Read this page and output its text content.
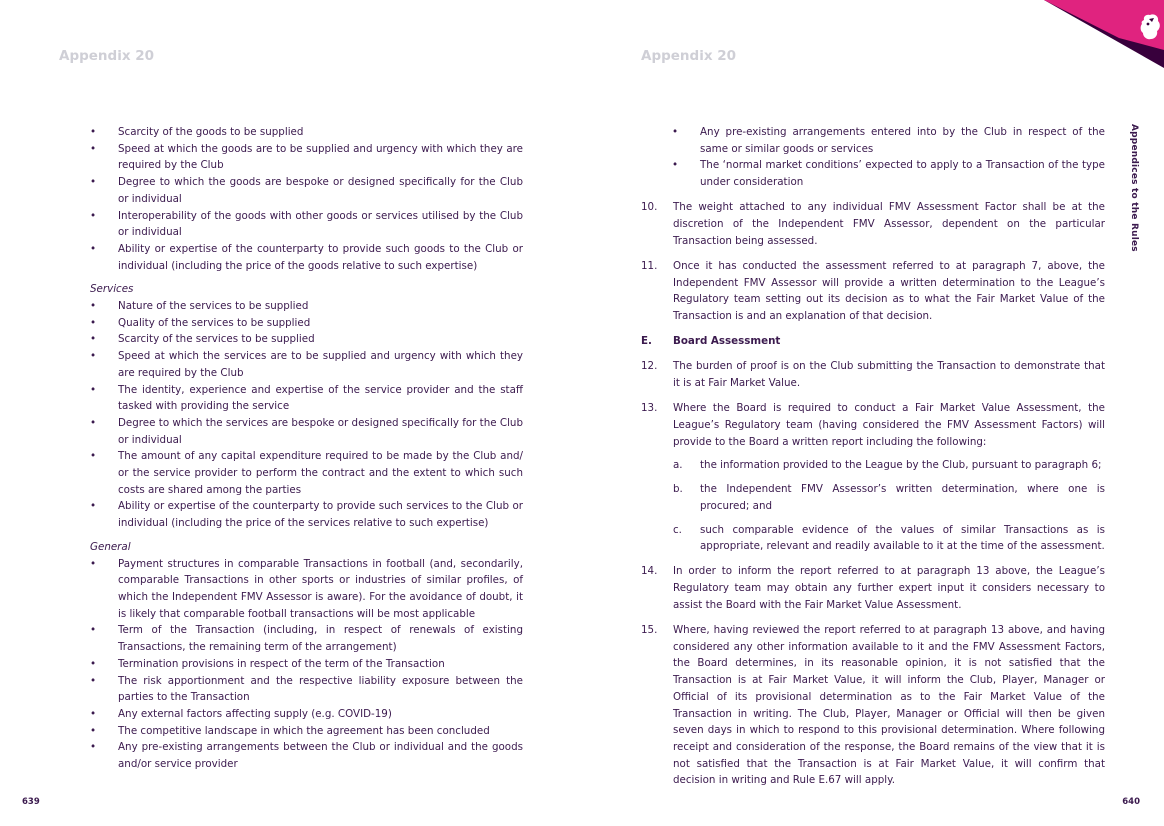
Appendix 20
• Scarcity of the goods to be supplied
• Speed at which the goods are to be supplied and urgency with which they are required by the Club
• Degree to which the goods are bespoke or designed specifically for the Club or individual
• Interoperability of the goods with other goods or services utilised by the Club or individual
• Ability or expertise of the counterparty to provide such goods to the Club or individual (including the price of the goods relative to such expertise)
Services
• Nature of the services to be supplied
• Quality of the services to be supplied
• Scarcity of the services to be supplied
• Speed at which the services are to be supplied and urgency with which they are required by the Club
• The identity, experience and expertise of the service provider and the staff tasked with providing the service
• Degree to which the services are bespoke or designed specifically for the Club or individual
• The amount of any capital expenditure required to be made by the Club and/ or the service provider to perform the contract and the extent to which such costs are shared among the parties
• Ability or expertise of the counterparty to provide such services to the Club or individual (including the price of the services relative to such expertise)
General
• Payment structures in comparable Transactions in football (and, secondarily, comparable Transactions in other sports or industries of similar profiles, of which the Independent FMV Assessor is aware). For the avoidance of doubt, it is likely that comparable football transactions will be most applicable
• Term of the Transaction (including, in respect of renewals of existing Transactions, the remaining term of the arrangement)
• Termination provisions in respect of the term of the Transaction
• The risk apportionment and the respective liability exposure between the parties to the Transaction
• Any external factors affecting supply (e.g. COVID-19)
• The competitive landscape in which the agreement has been concluded
• Any pre-existing arrangements between the Club or individual and the goods and/or service provider
639
Appendix 20
• Any pre-existing arrangements entered into by the Club in respect of the same or similar goods or services
• The ‘normal market conditions’ expected to apply to a Transaction of the type under consideration
10. The weight attached to any individual FMV Assessment Factor shall be at the discretion of the Independent FMV Assessor, dependent on the particular Transaction being assessed.
11. Once it has conducted the assessment referred to at paragraph 7, above, the Independent FMV Assessor will provide a written determination to the League’s Regulatory team setting out its decision as to what the Fair Market Value of the Transaction is and an explanation of that decision.
E. Board Assessment
12. The burden of proof is on the Club submitting the Transaction to demonstrate that it is at Fair Market Value.
13. Where the Board is required to conduct a Fair Market Value Assessment, the League’s Regulatory team (having considered the FMV Assessment Factors) will provide to the Board a written report including the following:
a. the information provided to the League by the Club, pursuant to paragraph 6;
b. the Independent FMV Assessor’s written determination, where one is procured; and
c. such comparable evidence of the values of similar Transactions as is appropriate, relevant and readily available to it at the time of the assessment.
14. In order to inform the report referred to at paragraph 13 above, the League’s Regulatory team may obtain any further expert input it considers necessary to assist the Board with the Fair Market Value Assessment.
15. Where, having reviewed the report referred to at paragraph 13 above, and having considered any other information available to it and the FMV Assessment Factors, the Board determines, in its reasonable opinion, it is not satisfied that the Transaction is at Fair Market Value, it will inform the Club, Player, Manager or Official of its provisional determination as to the Fair Market Value of the Transaction in writing. The Club, Player, Manager or Official will then be given seven days in which to respond to this provisional determination. Where following receipt and consideration of the response, the Board remains of the view that it is not satisfied that the Transaction is at Fair Market Value, it will confirm that decision in writing and Rule E.67 will apply.
640
Appendices to the Rules
